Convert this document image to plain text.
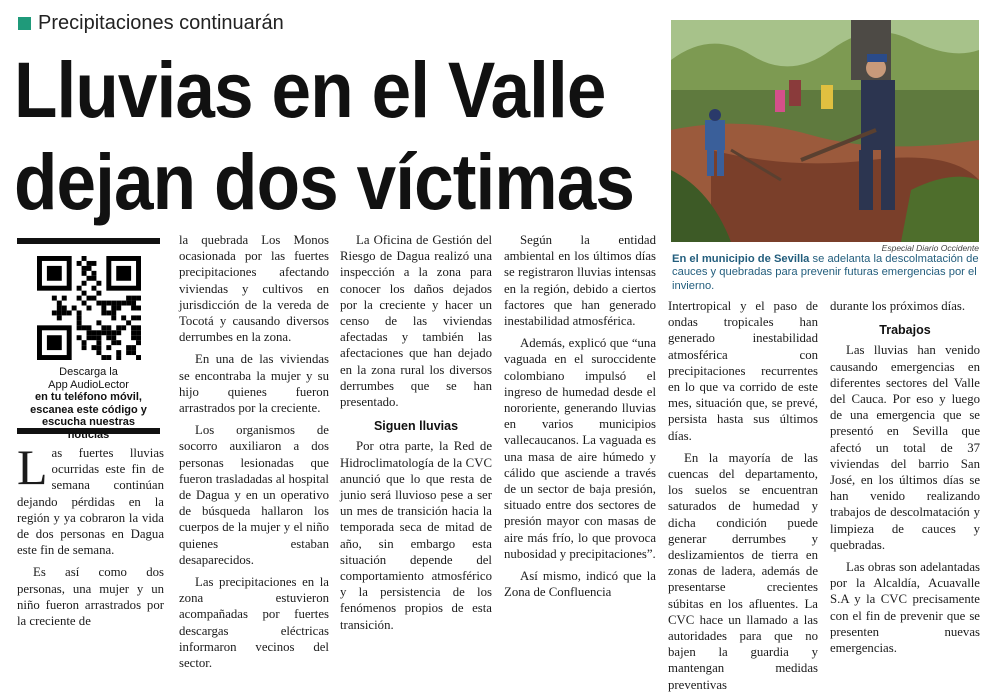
Precipitaciones continuarán
Lluvias en el Valle
dejan dos víctimas
Especial Diario Occidente
En el municipio de Sevilla se adelanta la descolmatación de cauces y quebradas para prevenir futuras emergencias por el invierno.
Descarga la
App AudioLector
en tu teléfono móvil,
escanea este código y
escucha nuestras noticias

Las fuertes lluvias ocurridas este fin de semana continúan dejando pérdidas en la región y ya cobraron la vida de dos personas en Dagua este fin de semana.

Es así como dos personas, una mujer y un niño fueron arrastrados por la creciente de

la quebrada Los Monos ocasionada por las fuertes precipitaciones afectando viviendas y cultivos en jurisdicción de la vereda de Tocotá y causando diversos derrumbes en la zona.

En una de las viviendas se encontraba la mujer y su hijo quienes fueron arrastrados por la creciente.

Los organismos de socorro auxiliaron a dos personas lesionadas que fueron trasladadas al hospital de Dagua y en un operativo de búsqueda hallaron los cuerpos de la mujer y el niño quienes estaban desaparecidos.

Las precipitaciones en la zona estuvieron acompañadas por fuertes descargas eléctricas informaron vecinos del sector.

La Oficina de Gestión del Riesgo de Dagua realizó una inspección a la zona para conocer los daños dejados por la creciente y hacer un censo de las viviendas afectadas y también las afectaciones que han dejado en la zona rural los diversos derrumbes que se han presentado.

Siguen lluvias

Por otra parte, la Red de Hidroclimatología de la CVC anunció que lo que resta de junio será lluvioso pese a ser un mes de transición hacia la temporada seca de mitad de año, sin embargo esta situación depende del comportamiento atmosférico y la persistencia de los fenómenos propios de esta transición.

Según la entidad ambiental en los últimos días se registraron lluvias intensas en la región, debido a ciertos factores que han generado inestabilidad atmosférica.

Además, explicó que “una vaguada en el suroccidente colombiano impulsó el ingreso de humedad desde el nororiente, generando lluvias en varios municipios vallecaucanos. La vaguada es una masa de aire húmedo y cálido que asciende a través de un sector de baja presión, situado entre dos sectores de presión mayor con masas de aire más frío, lo que provoca nubosidad y precipitaciones”.

Así mismo, indicó que la Zona de Confluencia

Intertropical y el paso de ondas tropicales han generado inestabilidad atmosférica con precipitaciones recurrentes en lo que va corrido de este mes, situación que, se prevé, persista hasta sus últimos días.

En la mayoría de las cuencas del departamento, los suelos se encuentran saturados de humedad y dicha condición puede generar derrumbes y deslizamientos de tierra en zonas de ladera, además de presentarse crecientes súbitas en los afluentes. La CVC hace un llamado a las autoridades para que no bajen la guardia y mantengan medidas preventivas

durante los próximos días.

Trabajos

Las lluvias han venido causando emergencias en diferentes sectores del Valle del Cauca. Por eso y luego de una emergencia que se presentó en Sevilla que afectó un total de 37 viviendas del barrio San José, en los últimos días se han venido realizando trabajos de descolmatación y limpieza de cauces y quebradas.

Las obras son adelantadas por la Alcaldía, Acuavalle S.A y la CVC precisamente con el fin de prevenir que se presenten nuevas emergencias.
